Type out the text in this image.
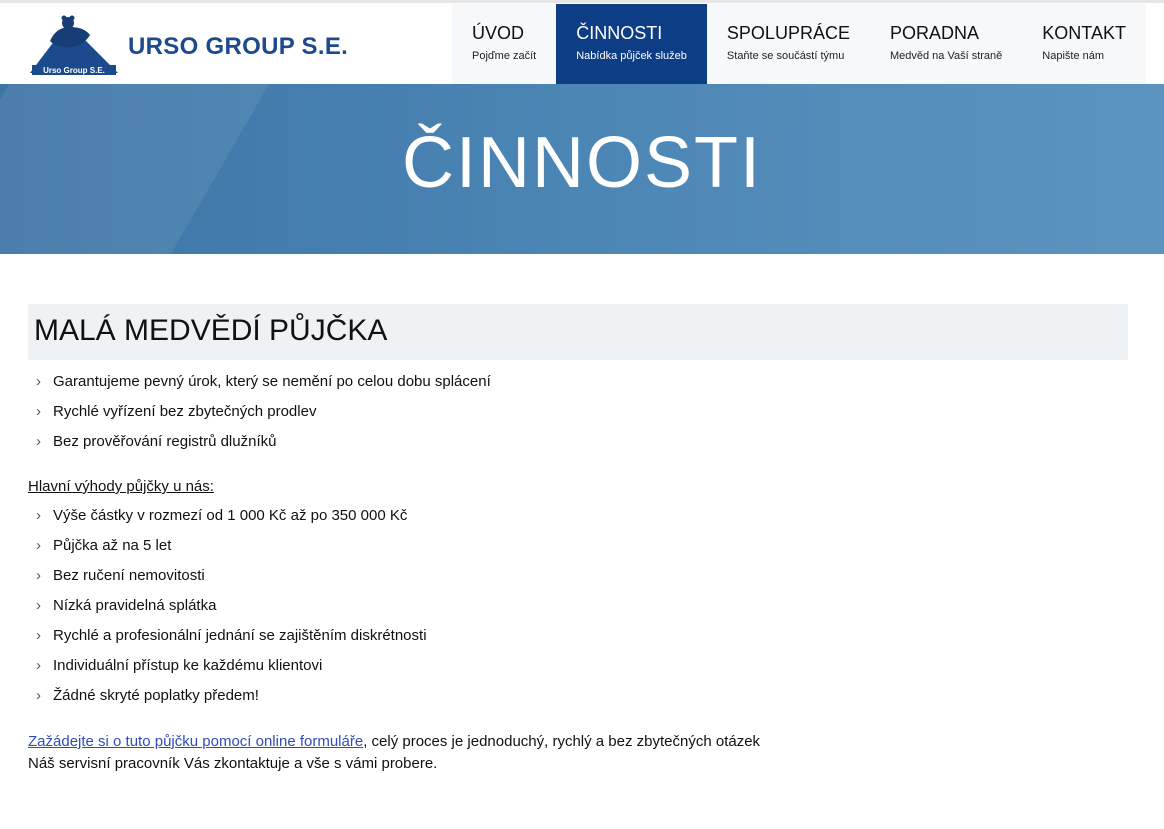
Urso Group S.E.
URSO GROUP S.E.	ÚVOD
Pojďme začít
ČINNOSTI
Nabídka půjček služeb
SPOLUPRÁCE
Staňte se součástí týmu
PORADNA
Medvěd na Vaší straně
KONTAKT
Napište nám
ČINNOSTI
MALÁ MEDVĚDÍ PŮJČKA
› Garantujeme pevný úrok, který se nemění po celou dobu splácení
› Rychlé vyřízení bez zbytečných prodlev
› Bez prověřování registrů dlužníků
Hlavní výhody půjčky u nás:
› Výše částky v rozmezí od 1 000 Kč až po 350 000 Kč
› Půjčka až na 5 let
› Bez ručení nemovitosti
› Nízká pravidelná splátka
› Rychlé a profesionální jednání se zajištěním diskrétnosti
› Individuální přístup ke každému klientovi
› Žádné skryté poplatky předem!
Zažádejte si o tuto půjčku pomocí online formuláře, celý proces je jednoduchý, rychlý a bez zbytečných otázek
Náš servisní pracovník Vás zkontaktuje a vše s vámi probere.
